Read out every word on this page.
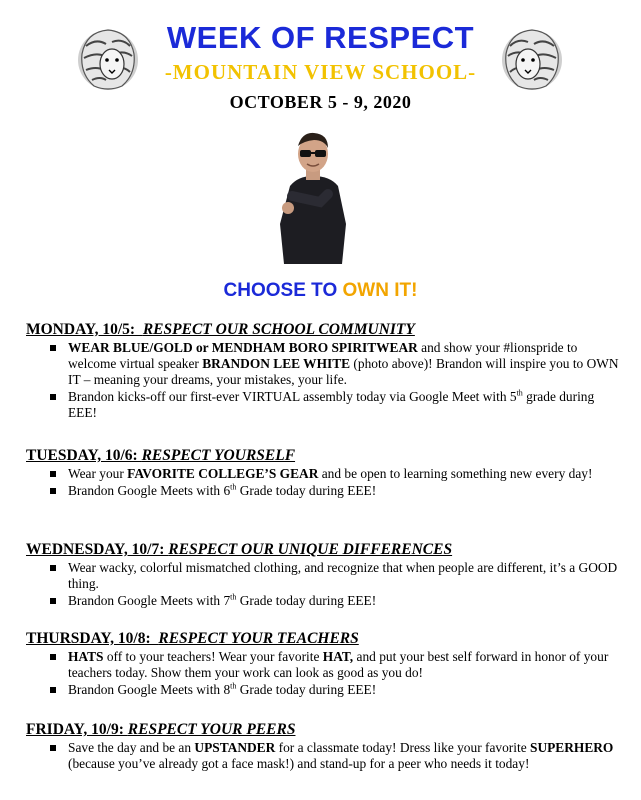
WEEK OF RESPECT
-MOUNTAIN VIEW SCHOOL-
OCTOBER 5 - 9, 2020
CHOOSE TO OWN IT!
MONDAY, 10/5:  RESPECT OUR SCHOOL COMMUNITY
WEAR BLUE/GOLD or MENDHAM BORO SPIRITWEAR and show your #lionspride to welcome virtual speaker BRANDON LEE WHITE (photo above)! Brandon will inspire you to OWN IT – meaning your dreams, your mistakes, your life.
Brandon kicks-off our first-ever VIRTUAL assembly today via Google Meet with 5th grade during EEE!
TUESDAY, 10/6: RESPECT YOURSELF
Wear your FAVORITE COLLEGE’S GEAR and be open to learning something new every day!
Brandon Google Meets with 6th Grade today during EEE!
WEDNESDAY, 10/7: RESPECT OUR UNIQUE DIFFERENCES
Wear wacky, colorful mismatched clothing, and recognize that when people are different, it’s a GOOD thing.
Brandon Google Meets with 7th Grade today during EEE!
THURSDAY, 10/8:  RESPECT YOUR TEACHERS
HATS off to your teachers! Wear your favorite HAT, and put your best self forward in honor of your teachers today. Show them your work can look as good as you do!
Brandon Google Meets with 8th Grade today during EEE!
FRIDAY, 10/9: RESPECT YOUR PEERS
Save the day and be an UPSTANDER for a classmate today! Dress like your favorite SUPERHERO (because you’ve already got a face mask!) and stand-up for a peer who needs it today!
